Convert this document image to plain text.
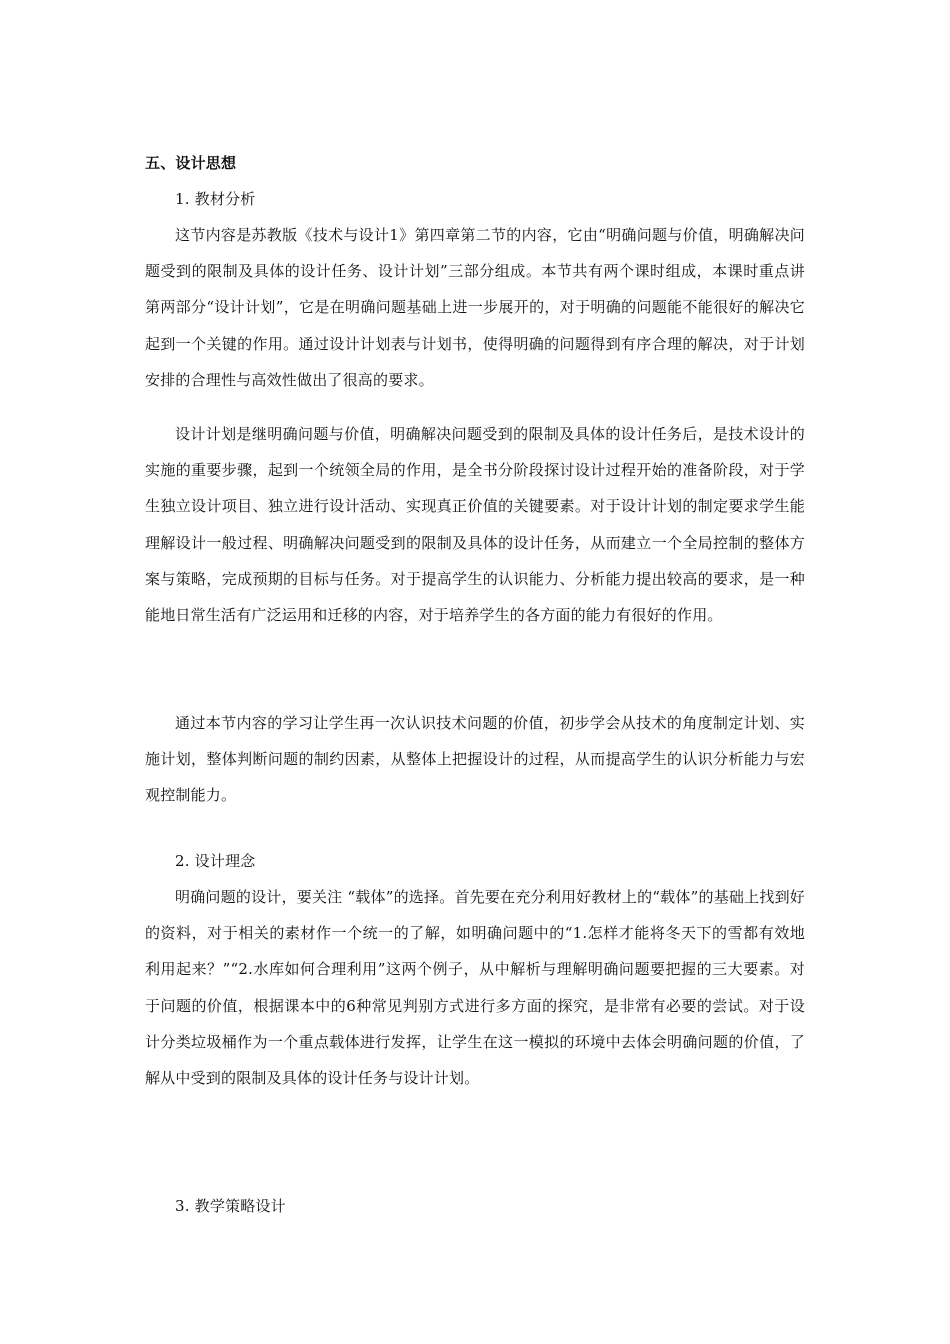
五、设计思想

1. 教材分析

这节内容是苏教版《技术与设计1》第四章第二节的内容，它由“明确问题与价值，明确解决问题受到的限制及具体的设计任务、设计计划”三部分组成。本节共有两个课时组成，本课时重点讲第两部分“设计计划”，它是在明确问题基础上进一步展开的，对于明确的问题能不能很好的解决它起到一个关键的作用。通过设计计划表与计划书，使得明确的问题得到有序合理的解决，对于计划安排的合理性与高效性做出了很高的要求。

设计计划是继明确问题与价值，明确解决问题受到的限制及具体的设计任务后，是技术设计的实施的重要步骤，起到一个统领全局的作用，是全书分阶段探讨设计过程开始的准备阶段，对于学生独立设计项目、独立进行设计活动、实现真正价值的关键要素。对于设计计划的制定要求学生能理解设计一般过程、明确解决问题受到的限制及具体的设计任务，从而建立一个全局控制的整体方案与策略，完成预期的目标与任务。对于提高学生的认识能力、分析能力提出较高的要求，是一种能地日常生活有广泛运用和迁移的内容，对于培养学生的各方面的能力有很好的作用。

通过本节内容的学习让学生再一次认识技术问题的价值，初步学会从技术的角度制定计划、实施计划，整体判断问题的制约因素，从整体上把握设计的过程，从而提高学生的认识分析能力与宏观控制能力。

2. 设计理念

明确问题的设计，要关注 “载体”的选择。首先要在充分利用好教材上的“载体”的基础上找到好的资料，对于相关的素材作一个统一的了解，如明确问题中的“1.怎样才能将冬天下的雪都有效地利用起来？”“2.水库如何合理利用”这两个例子，从中解析与理解明确问题要把握的三大要素。对于问题的价值，根据课本中的6种常见判别方式进行多方面的探究，是非常有必要的尝试。对于设计分类垃圾桶作为一个重点载体进行发挥，让学生在这一模拟的环境中去体会明确问题的价值，了解从中受到的限制及具体的设计任务与设计计划。

3. 教学策略设计
